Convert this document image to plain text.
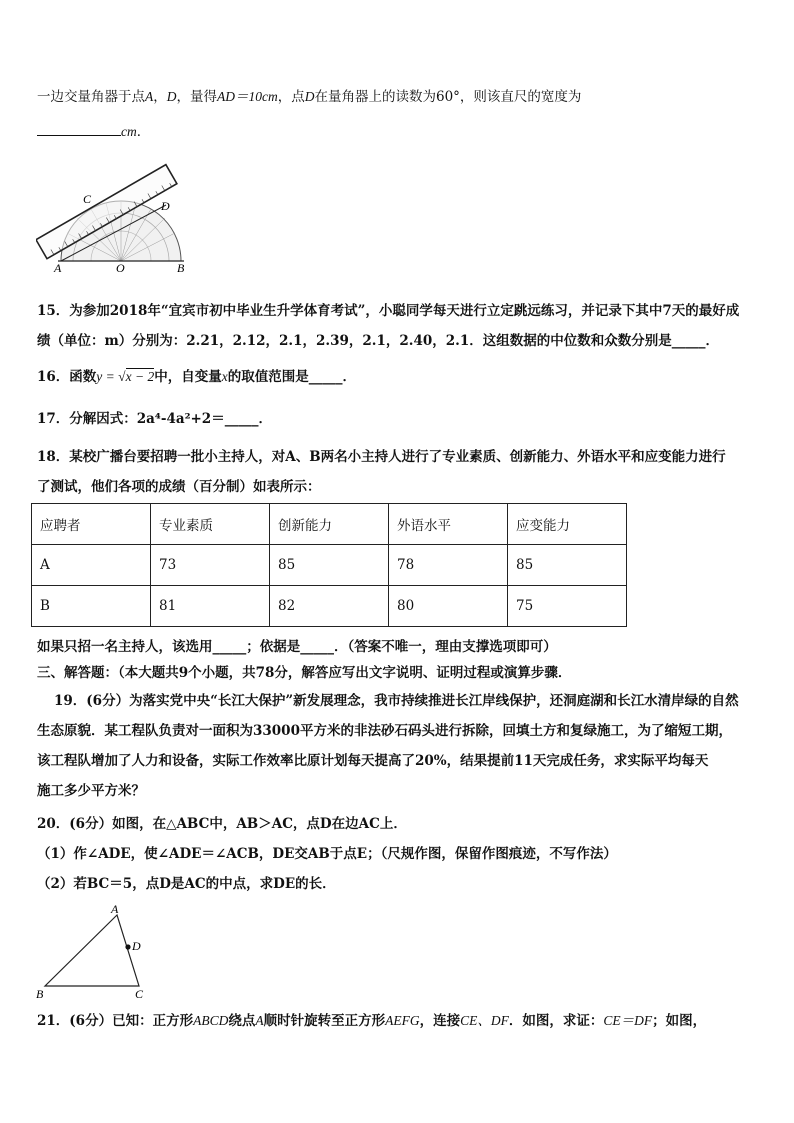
一边交量角器于点A，D，量得AD＝10cm，点D在量角器上的读数为60°，则该直尺的宽度为
cm．
A	O	B
C	D
15．为参加2018年“宜宾市初中毕业生升学体育考试”，小聪同学每天进行立定跳远练习，并记录下其中7天的最好成
绩（单位：m）分别为：2.21，2.12，2.1，2.39，2.1，2.40，2.1．这组数据的中位数和众数分别是_____．
16．函数y = √x − 2中，自变量x的取值范围是_____．
17．分解因式：2a⁴-4a²+2＝_____．
18．某校广播台要招聘一批小主持人，对A、B两名小主持人进行了专业素质、创新能力、外语水平和应变能力进行
了测试，他们各项的成绩（百分制）如表所示：
应聘者	专业素质	创新能力	外语水平	应变能力
A	73	85	78	85
B	81	82	80	75
如果只招一名主持人，该选用_____；依据是_____．（答案不唯一，理由支撑选项即可）
三、解答题：（本大题共9个小题，共78分，解答应写出文字说明、证明过程或演算步骤．
19．(6分）为落实党中央“长江大保护”新发展理念，我市持续推进长江岸线保护，还洞庭湖和长江水清岸绿的自然
生态原貌．某工程队负责对一面积为33000平方米的非法砂石码头进行拆除，回填土方和复绿施工，为了缩短工期，
该工程队增加了人力和设备，实际工作效率比原计划每天提高了20%，结果提前11天完成任务，求实际平均每天
施工多少平方米？
20．(6分）如图，在△ABC中，AB＞AC，点D在边AC上．
（1）作∠ADE，使∠ADE＝∠ACB，DE交AB于点E；（尺规作图，保留作图痕迹，不写作法）
（2）若BC＝5，点D是AC的中点，求DE的长．
A
B	C
D
21．(6分）已知：正方形ABCD绕点A顺时针旋转至正方形AEFG，连接CE、DF．如图，求证：CE＝DF；如图，
